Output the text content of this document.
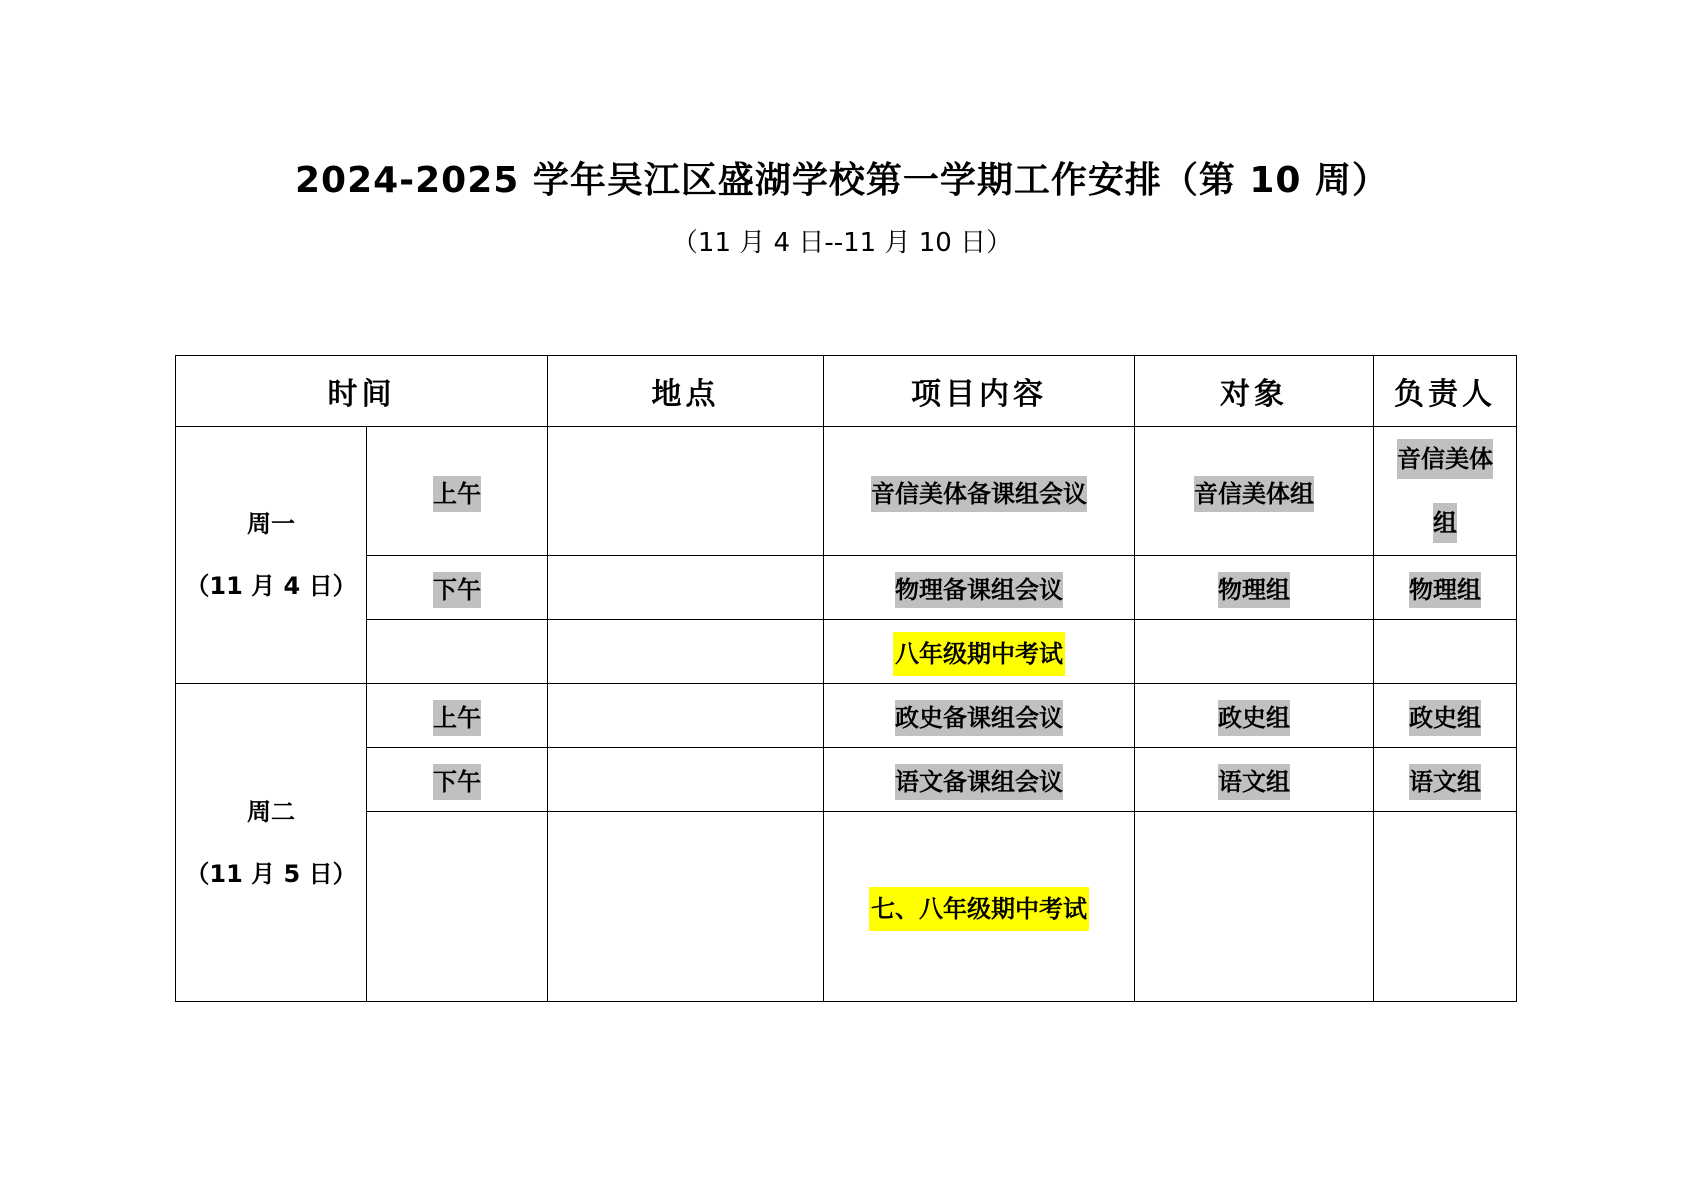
2024-2025 学年吴江区盛湖学校第一学期工作安排（第 10 周）
（11 月 4 日--11 月 10 日）
时间		地点	项目内容	对象	负责人

周一
（11 月 4 日）	上午		音信美体备课组会议	音信美体组	音信美体组
	下午		物理备课组会议	物理组	物理组
			八年级期中考试		

周二
（11 月 5 日）	上午		政史备课组会议	政史组	政史组
	下午		语文备课组会议	语文组	语文组
			七、八年级期中考试		
